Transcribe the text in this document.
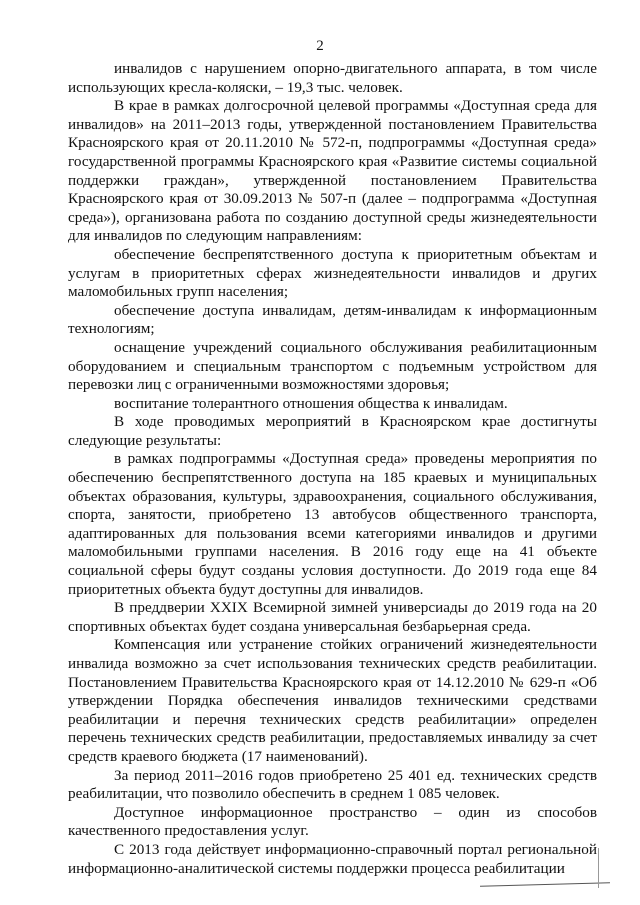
2

инвалидов с нарушением опорно-двигательного аппарата, в том числе использующих кресла-коляски, – 19,3 тыс. человек.

В крае в рамках долгосрочной целевой программы «Доступная среда для инвалидов» на 2011–2013 годы, утвержденной постановлением Правительства Красноярского края от 20.11.2010 № 572-п, подпрограммы «Доступная среда» государственной программы Красноярского края «Развитие системы социальной поддержки граждан», утвержденной постановлением Правительства Красноярского края от 30.09.2013 № 507-п (далее – подпрограмма «Доступная среда»), организована работа по созданию доступной среды жизнедеятельности для инвалидов по следующим направлениям:

обеспечение беспрепятственного доступа к приоритетным объектам и услугам в приоритетных сферах жизнедеятельности инвалидов и других маломобильных групп населения;

обеспечение доступа инвалидам, детям-инвалидам к информационным технологиям;

оснащение учреждений социального обслуживания реабилитационным оборудованием и специальным транспортом с подъемным устройством для перевозки лиц с ограниченными возможностями здоровья;

воспитание толерантного отношения общества к инвалидам.

В ходе проводимых мероприятий в Красноярском крае достигнуты следующие результаты:

в рамках подпрограммы «Доступная среда» проведены мероприятия по обеспечению беспрепятственного доступа на 185 краевых и муниципальных объектах образования, культуры, здравоохранения, социального обслуживания, спорта, занятости, приобретено 13 автобусов общественного транспорта, адаптированных для пользования всеми категориями инвалидов и другими маломобильными группами населения. В 2016 году еще на 41 объекте социальной сферы будут созданы условия доступности. До 2019 года еще 84 приоритетных объекта будут доступны для инвалидов.

В преддверии XXIX Всемирной зимней универсиады до 2019 года на 20 спортивных объектах будет создана универсальная безбарьерная среда.

Компенсация или устранение стойких ограничений жизнедеятельности инвалида возможно за счет использования технических средств реабилитации. Постановлением Правительства Красноярского края от 14.12.2010 № 629-п «Об утверждении Порядка обеспечения инвалидов техническими средствами реабилитации и перечня технических средств реабилитации» определен перечень технических средств реабилитации, предоставляемых инвалиду за счет средств краевого бюджета (17 наименований).

За период 2011–2016 годов приобретено 25 401 ед. технических средств реабилитации, что позволило обеспечить в среднем 1 085 человек.

Доступное информационное пространство – один из способов качественного предоставления услуг.

С 2013 года действует информационно-справочный портал региональной информационно-аналитической системы поддержки процесса реабилитации
